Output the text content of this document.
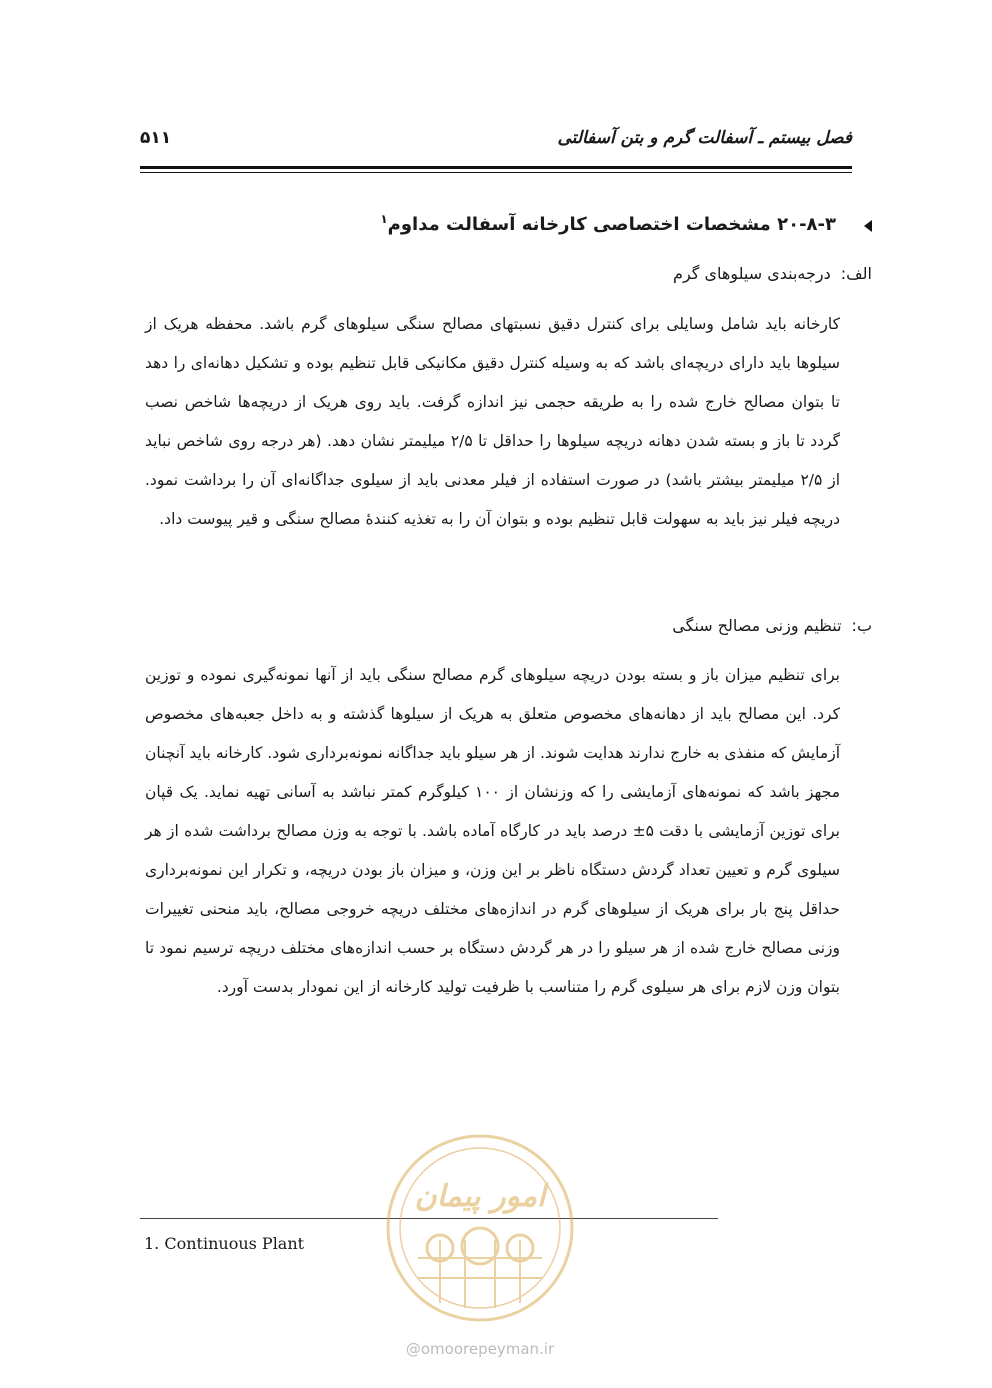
فصل بیستم ـ آسفالت گرم و بتن آسفالتی
۵۱۱
۲۰-۸-۳ مشخصات اختصاصی کارخانه آسفالت مداوم$^۱$
الف:
درجه‌بندی سیلوهای گرم
کارخانه باید شامل وسایلی برای کنترل دقیق نسبتهای مصالح سنگی سیلوهای گرم باشد. محفظه هریک از سیلوها باید دارای دریچه‌ای باشد که به وسیله کنترل دقیق مکانیکی قابل تنظیم بوده و تشکیل دهانه‌ای را دهد تا بتوان مصالح خارج شده را به طریقه حجمی نیز اندازه گرفت. باید روی هریک از دریچه‌ها شاخص نصب گردد تا باز و بسته شدن دهانه دریچه سیلوها را حداقل تا ۲/۵ میلیمتر نشان دهد. (هر درجه روی شاخص نباید از ۲/۵ میلیمتر بیشتر باشد) در صورت استفاده از فیلر معدنی باید از سیلوی جداگانه‌ای آن را برداشت نمود. دریچه فیلر نیز باید به سهولت قابل تنظیم بوده و بتوان آن را به تغذیه کنندهٔ مصالح سنگی و قیر پیوست داد.
ب:
تنظیم وزنی مصالح سنگی
برای تنظیم میزان باز و بسته بودن دریچه سیلوهای گرم مصالح سنگی باید از آنها نمونه‌گیری نموده و توزین کرد. این مصالح باید از دهانه‌های مخصوص متعلق به هریک از سیلوها گذشته و به داخل جعبه‌های مخصوص آزمایش که منفذی به خارج ندارند هدایت شوند. از هر سیلو باید جداگانه نمونه‌برداری شود. کارخانه باید آنچنان مجهز باشد که نمونه‌های آزمایشی را که وزنشان از ۱۰۰ کیلوگرم کمتر نباشد به آسانی تهیه نماید. یک قپان برای توزین آزمایشی با دقت ۵± درصد باید در کارگاه آماده باشد. با توجه به وزن مصالح برداشت شده از هر سیلوی گرم و تعیین تعداد گردش دستگاه ناظر بر این وزن، و میزان باز بودن دریچه، و تکرار این نمونه‌برداری حداقل پنج بار برای هریک از سیلوهای گرم در اندازه‌های مختلف دریچه خروجی مصالح، باید منحنی تغییرات وزنی مصالح خارج شده از هر سیلو را در هر گردش دستگاه بر حسب اندازه‌های مختلف دریچه ترسیم نمود تا بتوان وزن لازم برای هر سیلوی گرم را متناسب با ظرفیت تولید کارخانه از این نمودار بدست آورد.
1. Continuous Plant
امور پیمان
@omoorepeyman.ir
